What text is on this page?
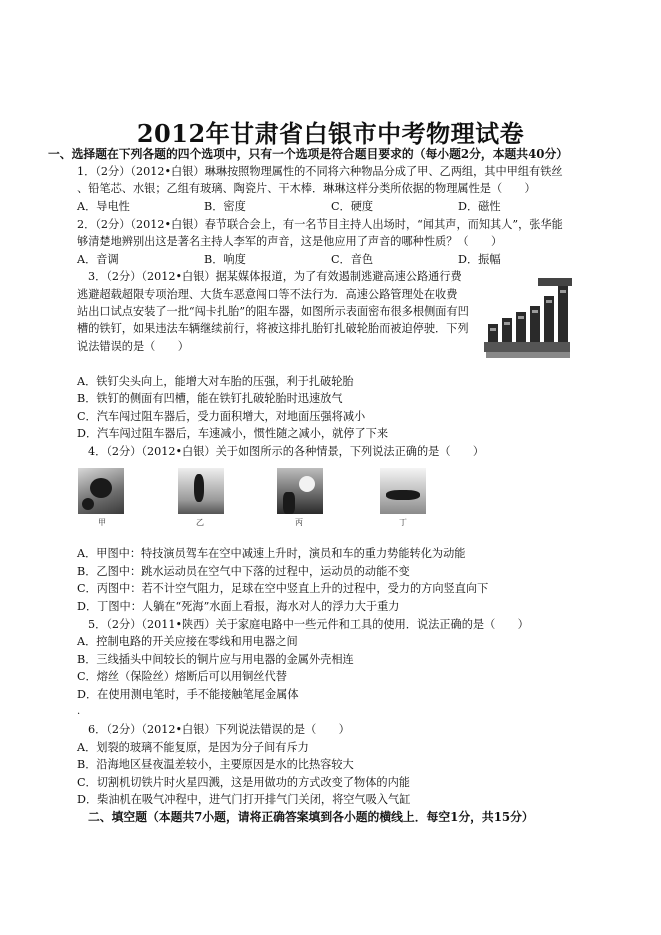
2012年甘肃省白银市中考物理试卷
一、选择题在下列各题的四个选项中，只有一个选项是符合题目要求的（每小题2分，本题共40分）
1．（2分）（2012•白银）琳琳按照物理属性的不同将六种物品分成了甲、乙两组，其中甲组有铁丝
、铅笔芯、水银；乙组有玻璃、陶瓷片、干木棒．琳琳这样分类所依据的物理属性是（　　）
A．导电性	B．密度	C．硬度	D．磁性
2．（2分）（2012•白银）春节联合会上，有一名节目主持人出场时，“闻其声，而知其人”，张华能
够清楚地辨别出这是著名主持人李军的声音，这是他应用了声音的哪种性质？（　　）
A．音调	B．响度	C．音色	D．振幅
3．（2分）（2012•白银）据某媒体报道，为了有效遏制逃避高速公路通行费
逃避超载超限专项治理、大货车恶意闯口等不法行为．高速公路管理处在收费
站出口试点安装了一批“闯卡扎胎”的阻车器，如图所示表面密布很多根侧面有凹
槽的铁钉，如果违法车辆继续前行，将被这排扎胎钉扎破轮胎而被迫停驶．下列
说法错误的是（　　）
A．铁钉尖头向上，能增大对车胎的压强，利于扎破轮胎
B．铁钉的侧面有凹槽，能在铁钉扎破轮胎时迅速放气
C．汽车闯过阻车器后，受力面积增大，对地面压强将减小
D．汽车闯过阻车器后，车速减小，惯性随之减小，就停了下来
4．（2分）（2012•白银）关于如图所示的各种情景，下列说法正确的是（　　）
甲	乙	丙	丁
A．甲图中：特技演员驾车在空中减速上升时，演员和车的重力势能转化为动能
B．乙图中：跳水运动员在空气中下落的过程中，运动员的动能不变
C．丙图中：若不计空气阻力，足球在空中竖直上升的过程中，受力的方向竖直向下
D．丁图中：人躺在“死海”水面上看报，海水对人的浮力大于重力
5．（2分）（2011•陕西）关于家庭电路中一些元件和工具的使用．说法正确的是（　　）
A．控制电路的开关应接在零线和用电器之间
B．三线插头中间较长的铜片应与用电器的金属外壳相连
C．熔丝（保险丝）熔断后可以用铜丝代替
D．在使用测电笔时，手不能接触笔尾金属体
.
6．（2分）（2012•白银）下列说法错误的是（　　）
A．划裂的玻璃不能复原，是因为分子间有斥力
B．沿海地区昼夜温差较小，主要原因是水的比热容较大
C．切割机切铁片时火星四溅，这是用做功的方式改变了物体的内能
D．柴油机在吸气冲程中，进气门打开排气门关闭，将空气吸入气缸
二、填空题（本题共7小题，请将正确答案填到各小题的横线上．每空1分，共15分）
